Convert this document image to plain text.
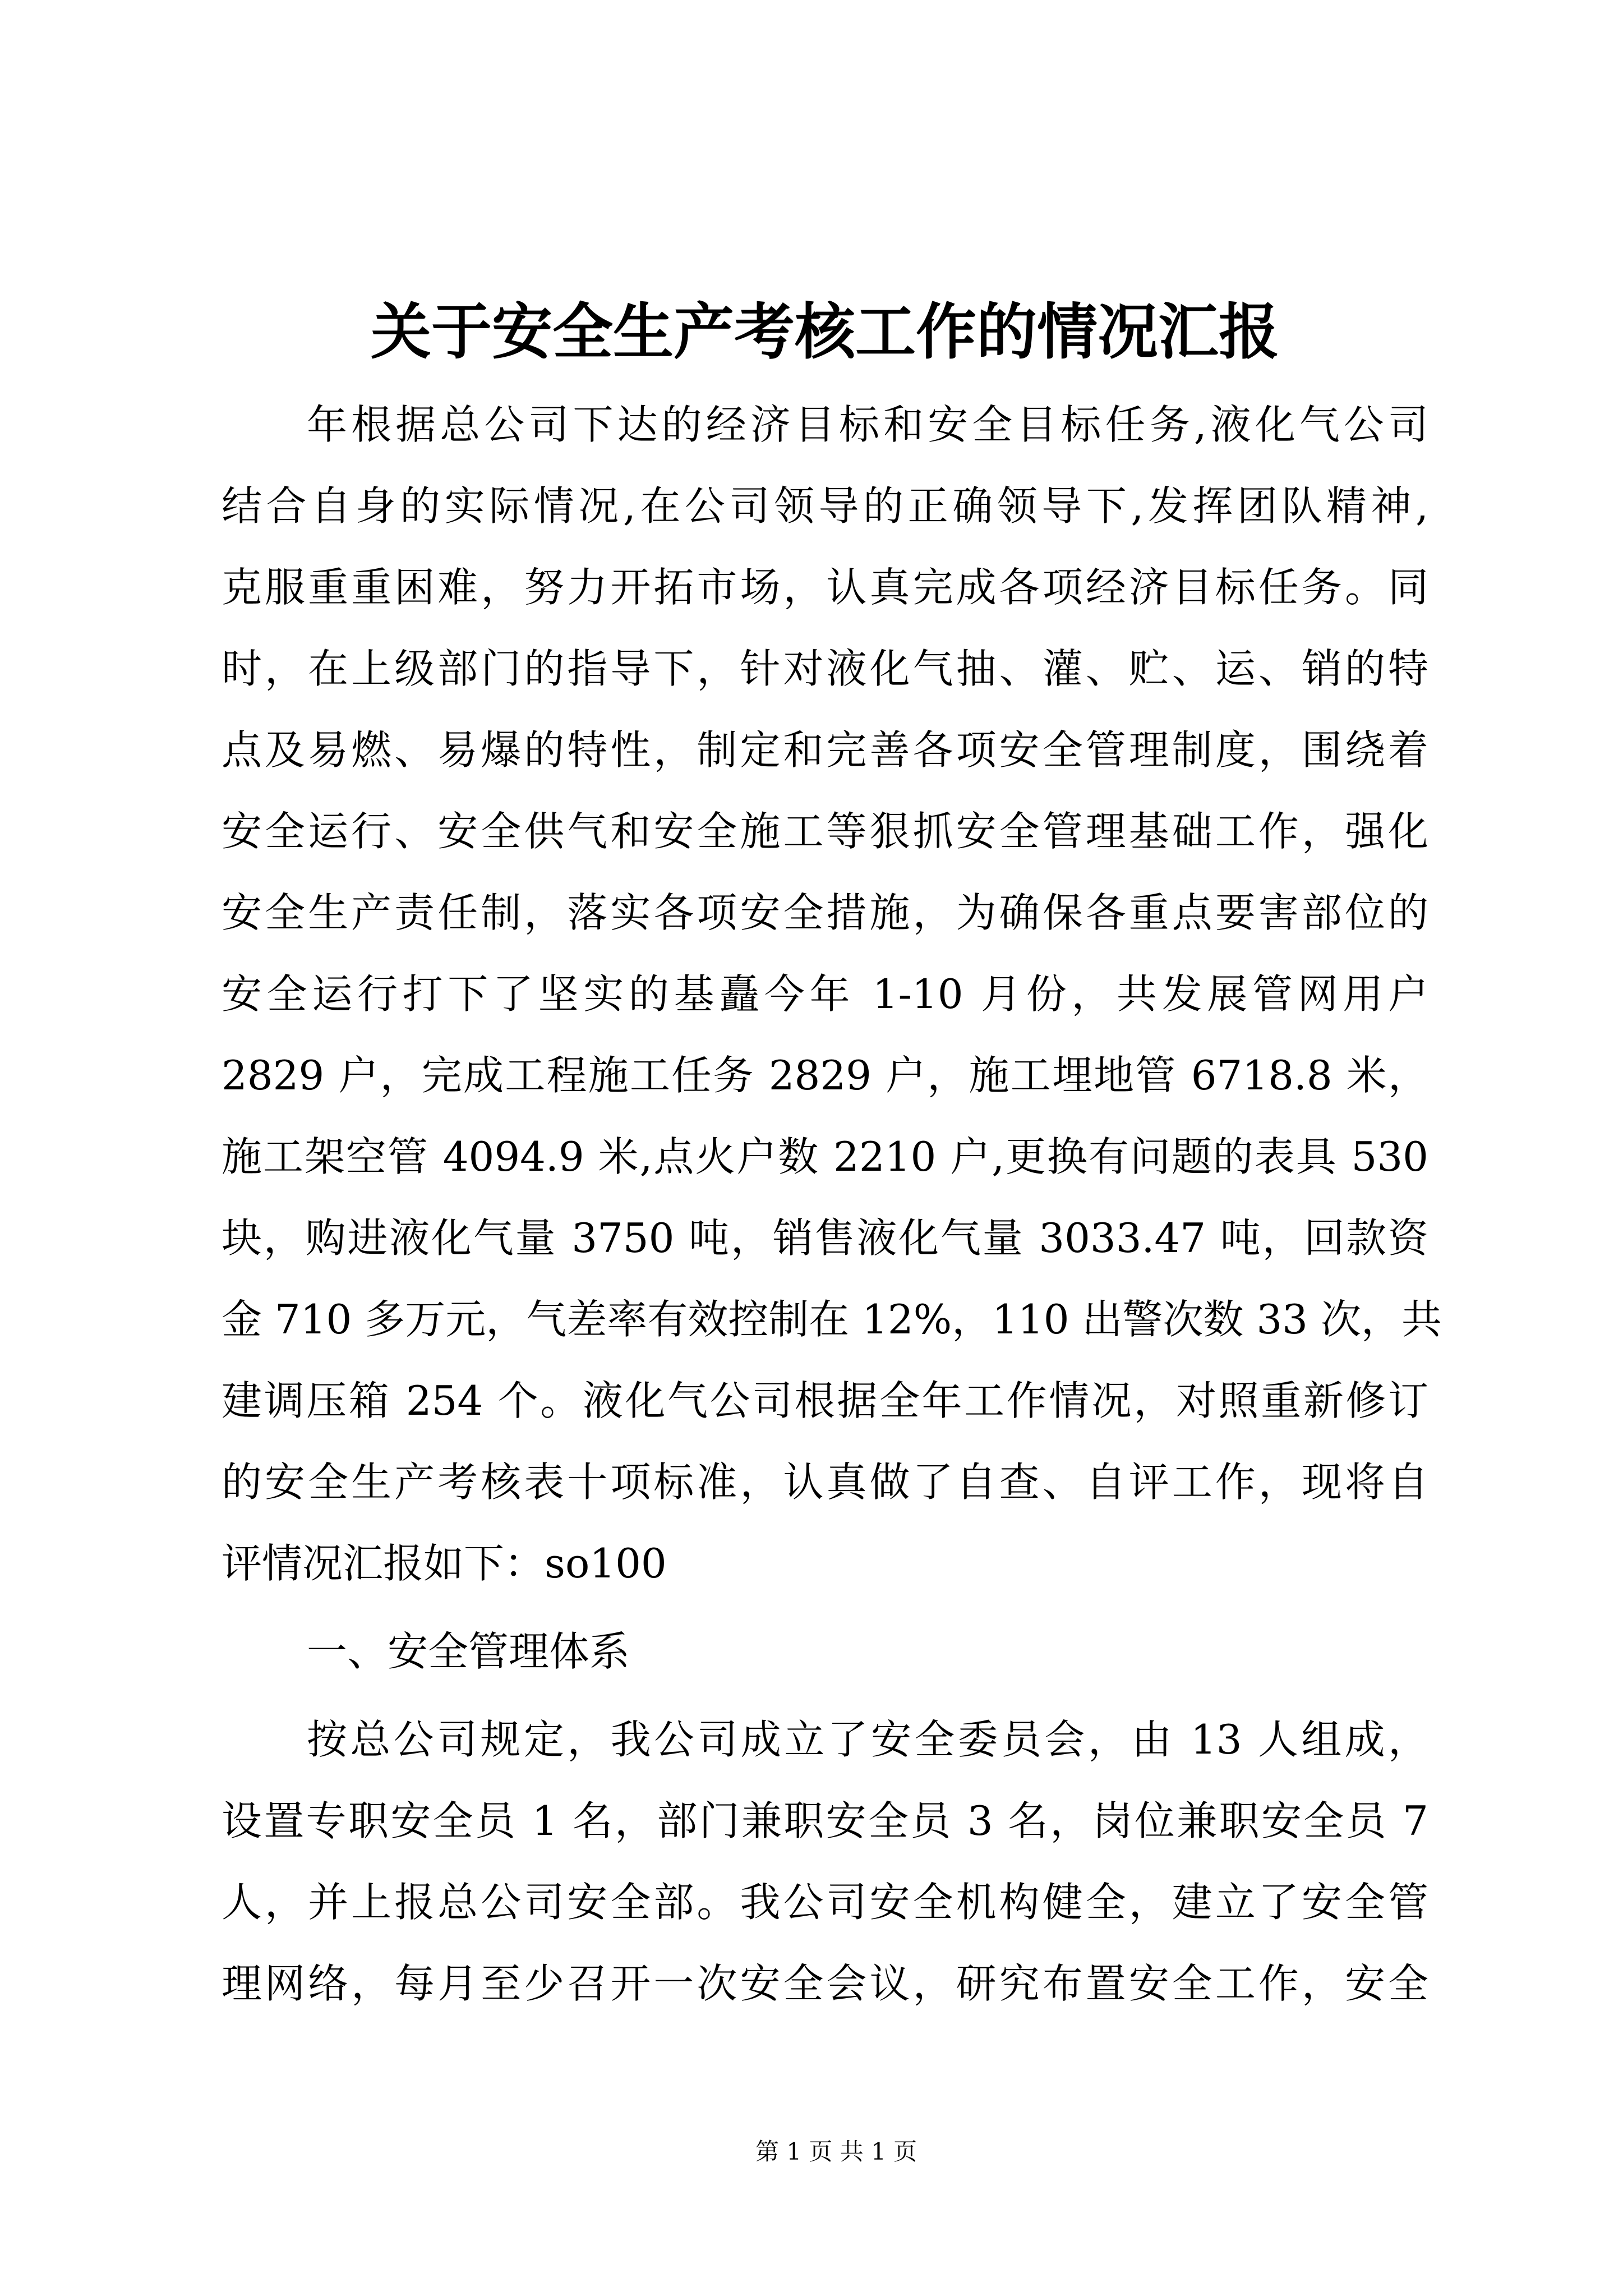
关于安全生产考核工作的情况汇报
年根据总公司下达的经济目标和安全目标任务,液化气公司
结合自身的实际情况,在公司领导的正确领导下,发挥团队精神,
克服重重困难，努力开拓市场，认真完成各项经济目标任务。同
时，在上级部门的指导下，针对液化气抽、灌、贮、运、销的特
点及易燃、易爆的特性，制定和完善各项安全管理制度，围绕着
安全运行、安全供气和安全施工等狠抓安全管理基础工作，强化
安全生产责任制，落实各项安全措施，为确保各重点要害部位的
安全运行打下了坚实的基矗今年 1-10 月份，共发展管网用户
2829 户，完成工程施工任务 2829 户，施工埋地管 6718.8 米，
施工架空管 4094.9 米,点火户数 2210 户,更换有问题的表具 530
块，购进液化气量 3750 吨，销售液化气量 3033.47 吨，回款资
金 710 多万元，气差率有效控制在 12%，110 出警次数 33 次，共
建调压箱 254 个。液化气公司根据全年工作情况，对照重新修订
的安全生产考核表十项标准，认真做了自查、自评工作，现将自
评情况汇报如下：so100
一、安全管理体系
按总公司规定，我公司成立了安全委员会，由 13 人组成，
设置专职安全员 1 名，部门兼职安全员 3 名，岗位兼职安全员 7
人，并上报总公司安全部。我公司安全机构健全，建立了安全管
理网络，每月至少召开一次安全会议，研究布置安全工作，安全
第 1 页 共 1 页
